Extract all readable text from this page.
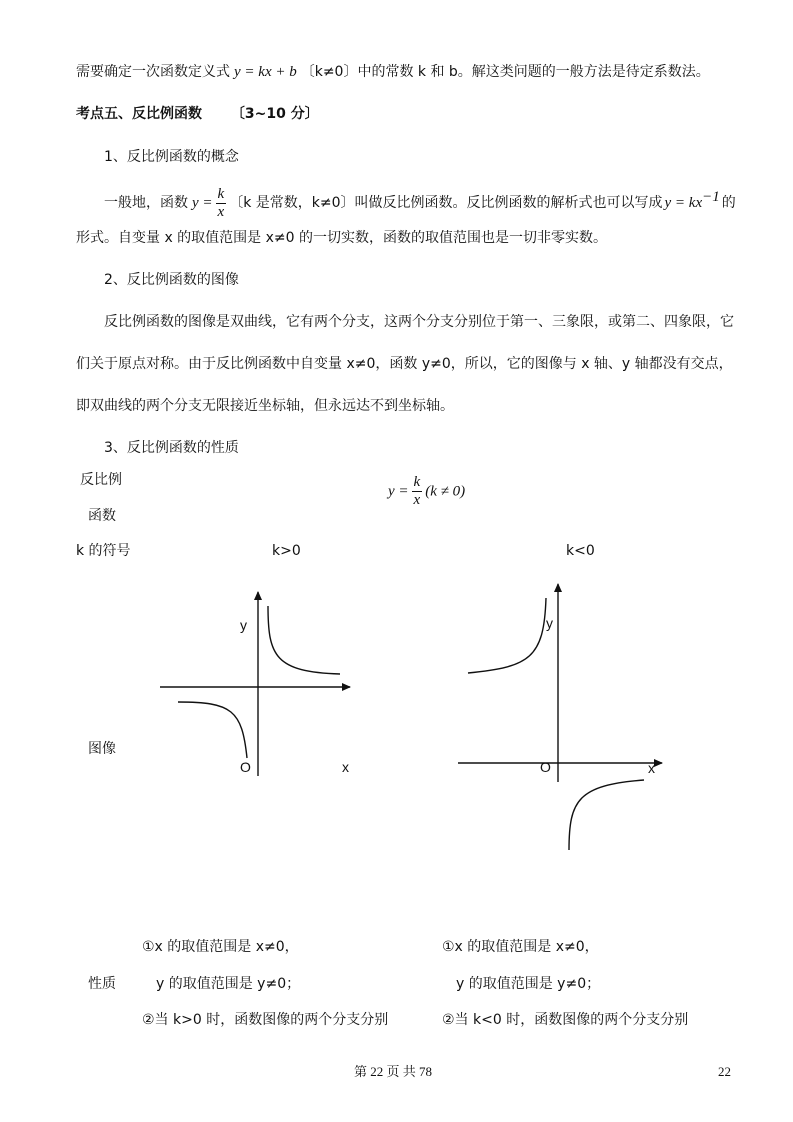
需要确定一次函数定义式 y = kx + b 〔k≠0〕中的常数 k 和 b。解这类问题的一般方法是待定系数法。
考点五、反比例函数 〔3~10 分〕
1、反比例函数的概念
一般地，函数 $y = \frac{k}{x}$ 〔k 是常数，k≠0〕叫做反比例函数。反比例函数的解析式也可以写成 $y = kx^{-1}$ 的
形式。自变量 x 的取值范围是 x≠0 的一切实数，函数的取值范围也是一切非零实数。
2、反比例函数的图像
反比例函数的图像是双曲线，它有两个分支，这两个分支分别位于第一、三象限，或第二、四象限，它
们关于原点对称。由于反比例函数中自变量 x≠0，函数 y≠0，所以，它的图像与 x 轴、y 轴都没有交点，
即双曲线的两个分支无限接近坐标轴，但永远达不到坐标轴。
3、反比例函数的性质
反比例
函数
$y = \frac{k}{x} (k \ne 0)$
k 的符号	k>0	k<0
图像
y
O	x
y
O	x
①x 的取值范围是 x≠0，	①x 的取值范围是 x≠0，
性质	y 的取值范围是 y≠0；	y 的取值范围是 y≠0；
②当 k>0 时，函数图像的两个分支分别	②当 k<0 时，函数图像的两个分支分别
第 22 页 共 78	22
